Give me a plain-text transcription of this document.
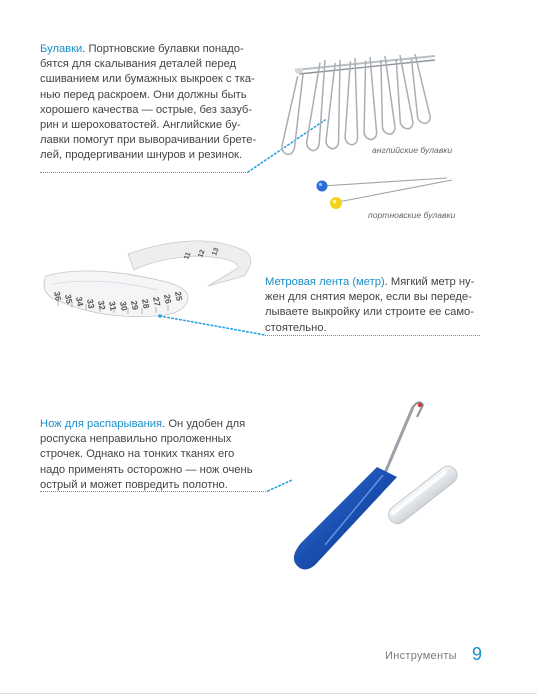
Булавки. Портновские булавки понадо-
бятся для скалывания деталей перед
сшиванием или бумажных выкроек с тка-
нью перед раскроем. Они должны быть
хорошего качества — острые, без зазуб-
рин и шероховатостей. Английские бу-
лавки помогут при выворачивании брете-
лей, продергивании шнуров и резинок.	английские булавки
портновские булавки
36 35 34 33 32 31 30 29 28 27 26 25
11 12 13
Метровая лента (метр). Мягкий метр ну-
жен для снятия мерок, если вы переде-
лываете выкройку или строите ее само-
стоятельно.
Нож для распарывания. Он удобен для
роспуска неправильно проложенных
строчек. Однако на тонких тканях его
надо применять осторожно — нож очень
острый и может повредить полотно.
Инструменты 9
